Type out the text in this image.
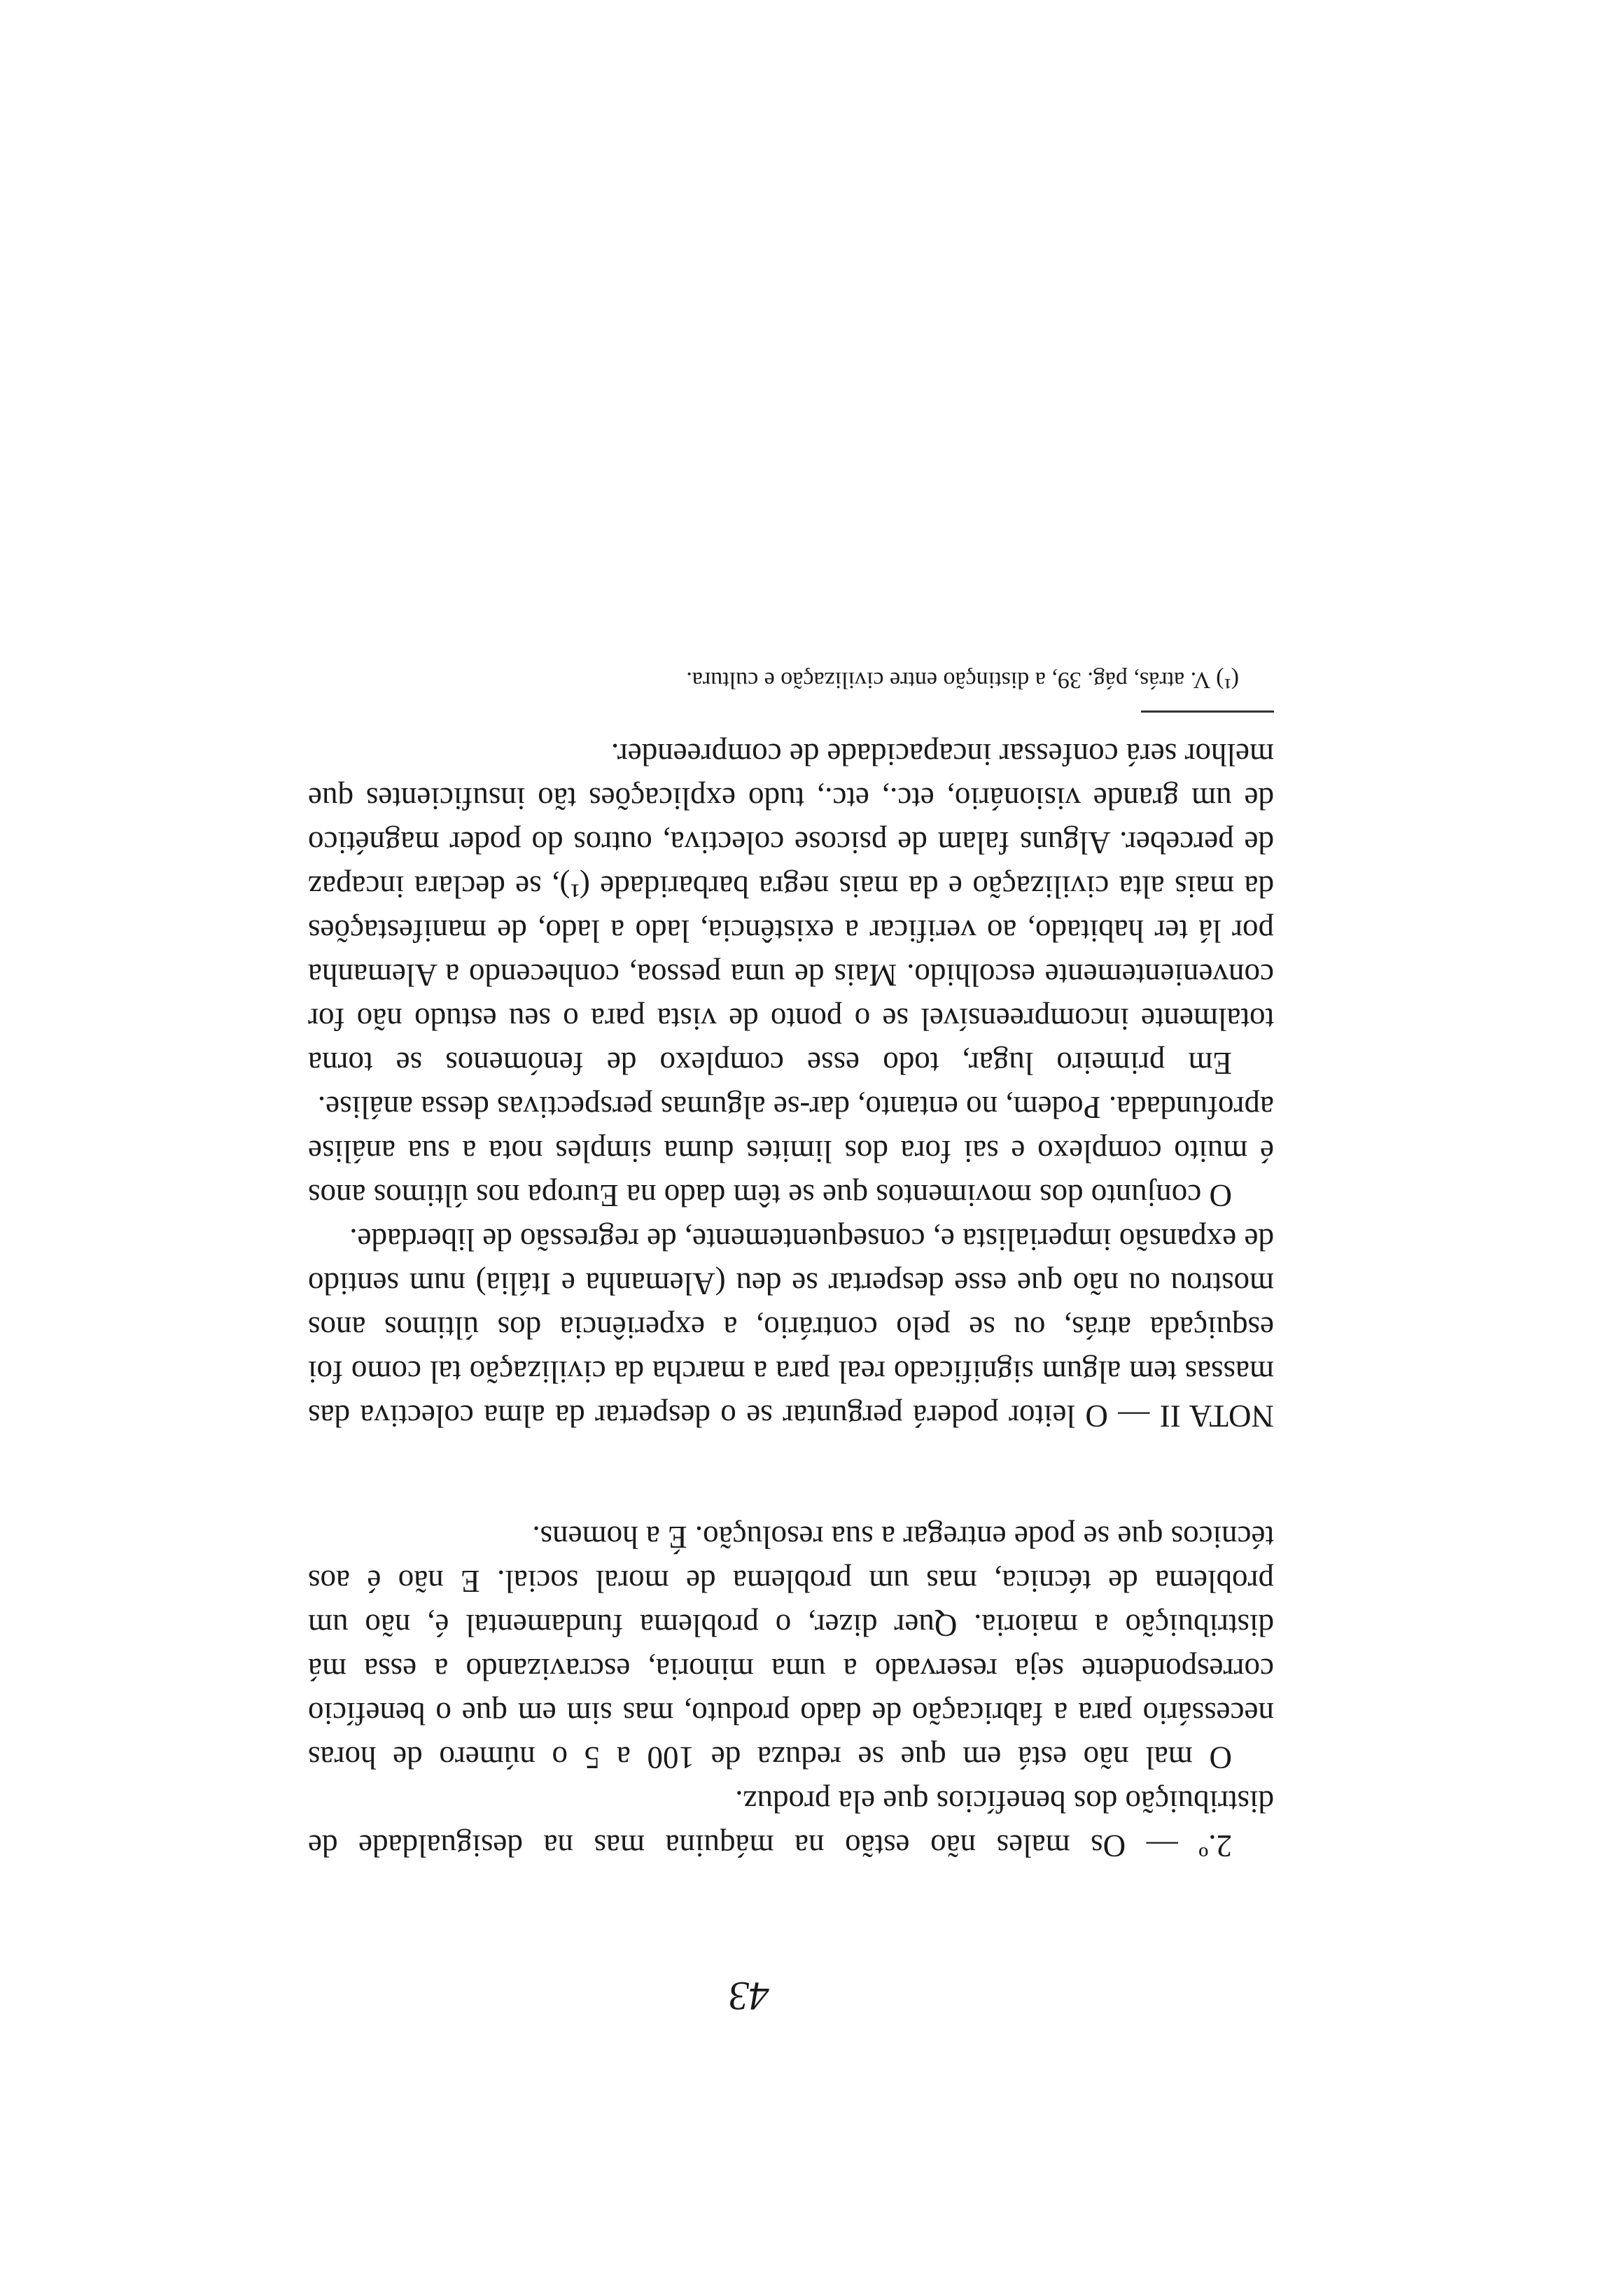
43

2.º — Os males não estão na máquina mas na desigualdade de distribuição dos benefícios que ela produz.

O mal não está em que se reduza de 100 a 5 o número de horas necessário para a fabricação de dado produto, mas sim em que o benefício correspondente seja reservado a uma minoria, escravizando a essa má distribuição a maioria. Quer dizer, o problema fundamental é, não um problema de técnica, mas um problema de moral social. E não é aos técnicos que se pode entregar a sua resolução. É a homens.

NOTA II — O leitor poderá perguntar se o despertar da alma colectiva das massas tem algum significado real para a marcha da civilização tal como foi esquiçada atrás, ou se pelo contrário, a experiência dos últimos anos mostrou ou não que esse despertar se deu (Alemanha e Itália) num sentido de expansão imperialista e, consequentemente, de regressão de liberdade.

O conjunto dos movimentos que se têm dado na Europa nos últimos anos é muito complexo e sai fora dos limites duma simples nota a sua análise aprofundada. Podem, no entanto, dar-se algumas perspectivas dessa análise.

Em primeiro lugar, todo esse complexo de fenómenos se torna totalmente incompreensível se o ponto de vista para o seu estudo não for convenientemente escolhido. Mais de uma pessoa, conhecendo a Alemanha por lá ter habitado, ao verificar a existência, lado a lado, de manifestações da mais alta civilização e da mais negra barbaridade (¹), se declara incapaz de perceber. Alguns falam de psicose colectiva, outros do poder magnético de um grande visionário, etc., etc., tudo explicações tão insuficientes que melhor será confessar incapacidade de compreender.

(¹) V. atrás, pág. 39, a distinção entre civilização e cultura.
